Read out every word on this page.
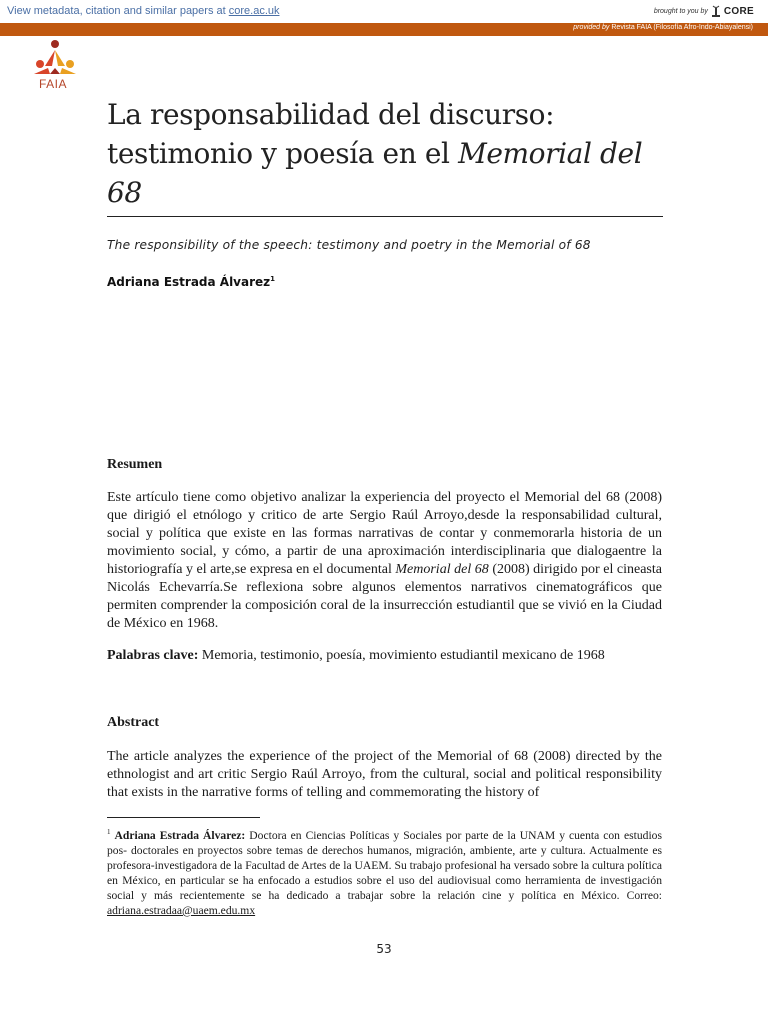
View metadata, citation and similar papers at core.ac.uk	brought to you by CORE
provided by Revista FAIA (Filosofía Afro-Indo-Abiayalensi)
FAIA
La responsabilidad del discurso:
testimonio y poesía en el Memorial del
68
The responsibility of the speech: testimony and poetry in the Memorial of 68
Adriana Estrada Álvarez$^1$
Resumen

Este artículo tiene como objetivo analizar la experiencia del proyecto el Memorial del 68 (2008) que dirigió el etnólogo y critico de arte Sergio Raúl Arroyo,desde la responsabilidad cultural, social y política que existe en las formas narrativas de contar y conmemorarla historia de un movimiento social, y cómo, a partir de una aproximación interdisciplinaria que dialogaentre la historiografía y el arte,se expresa en el documental Memorial del 68 (2008) dirigido por el cineasta Nicolás Echevarría.Se reflexiona sobre algunos elementos narrativos cinematográficos que permiten comprender la composición coral de la insurrección estudiantil que se vivió en la Ciudad de México en 1968.

Palabras clave: Memoria, testimonio, poesía, movimiento estudiantil mexicano de 1968
Abstract

The article analyzes the experience of the project of the Memorial of 68 (2008) directed by the ethnologist and art critic Sergio Raúl Arroyo, from the cultural, social and political responsibility that exists in the narrative forms of telling and commemorating the history of

$^1$ Adriana Estrada Álvarez: Doctora en Ciencias Políticas y Sociales por parte de la UNAM y cuenta con estudios pos- doctorales en proyectos sobre temas de derechos humanos, migración, ambiente, arte y cultura. Actualmente es profesora-investigadora de la Facultad de Artes de la UAEM. Su trabajo profesional ha versado sobre la cultura política en México, en particular se ha enfocado a estudios sobre el uso del audiovisual como herramienta de investigación social y más recientemente se ha dedicado a trabajar sobre la relación cine y política en México. Correo: adriana.estradaa@uaem.edu.mx

53
